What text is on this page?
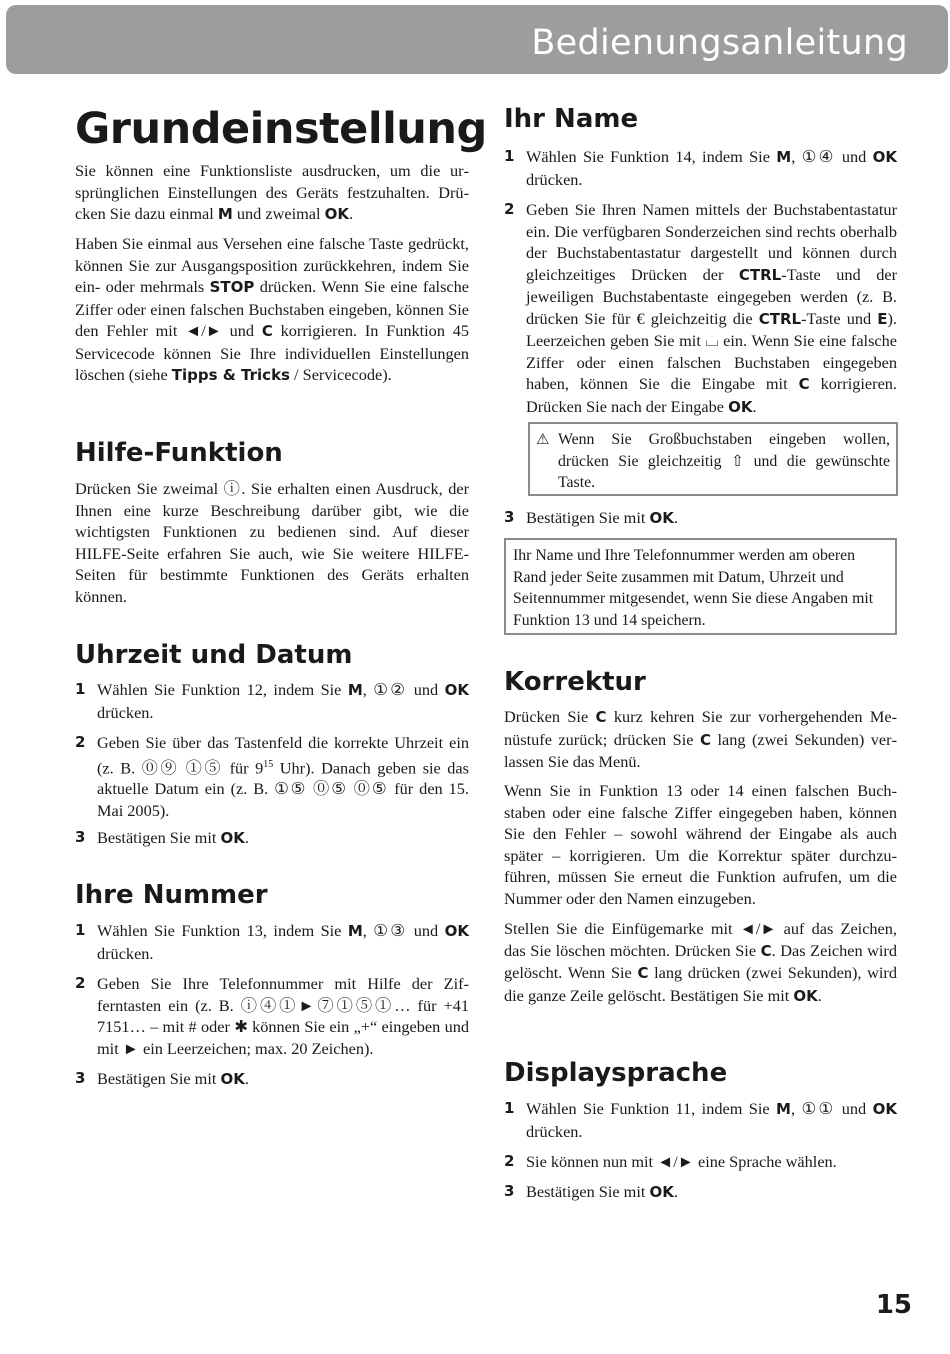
Bedienungsanleitung
Grundeinstellung

Sie können eine Funktionsliste ausdrucken, um die ursprünglichen Einstellungen des Geräts festzuhalten. Drücken Sie dazu einmal M und zweimal OK.

Haben Sie einmal aus Versehen eine falsche Taste gedrückt, können Sie zur Ausgangsposition zurückkehren, indem Sie ein- oder mehrmals STOP drücken. Wenn Sie eine falsche Ziffer oder einen falschen Buchstaben eingeben, können Sie den Fehler mit ◄/► und C korrigieren. In Funktion 45 Servicecode können Sie Ihre individuellen Einstellungen löschen (siehe Tipps & Tricks / Servicecode).

Hilfe-Funktion

Drücken Sie zweimal ⓘ. Sie erhalten einen Ausdruck, der Ihnen eine kurze Beschreibung darüber gibt, wie die wichtigsten Funktionen zu bedienen sind. Auf dieser HILFE-Seite erfahren Sie auch, wie Sie weitere HILFE-Seiten für bestimmte Funktionen des Geräts erhalten können.

Uhrzeit und Datum
1 Wählen Sie Funktion 12, indem Sie M, ①② und OK drücken.
2 Geben Sie über das Tastenfeld die korrekte Uhrzeit ein (z. B. ⓪⑨ ①⑤ für $9^{15}$ Uhr). Danach geben sie das aktuelle Datum ein (z. B. ①⑤ ⓪⑤ ⓪⑤ für den 15. Mai 2005).
3 Bestätigen Sie mit OK.
Ihre Nummer
1 Wählen Sie Funktion 13, indem Sie M, ①③ und OK drücken.
2 Geben Sie Ihre Telefonnummer mit Hilfe der Zifferntasten ein (z. B. ⓘ④①►⑦①⑤①… für +41 7151… – mit # oder ✱ können Sie ein „+“ eingeben und mit ► ein Leerzeichen; max. 20 Zeichen).
3 Bestätigen Sie mit OK.
Ihr Name
1 Wählen Sie Funktion 14, indem Sie M, ①④ und OK drücken.
2 Geben Sie Ihren Namen mittels der Buchstabentastatur ein. Die verfügbaren Sonderzeichen sind rechts oberhalb der Buchstabentastatur dargestellt und können durch gleichzeitiges Drücken der CTRL-Taste und der jeweiligen Buchstabentaste eingegeben werden (z. B. drücken Sie für € gleichzeitig die CTRL-Taste und E). Leerzeichen geben Sie mit ⌴ ein. Wenn Sie eine falsche Ziffer oder einen falschen Buchstaben eingegeben haben, können Sie die Eingabe mit C korrigieren. Drücken Sie nach der Eingabe OK.

⚠ Wenn Sie Großbuchstaben eingeben wollen, drücken Sie gleichzeitig ⇧ und die gewünschte Taste.

3 Bestätigen Sie mit OK.

Ihr Name und Ihre Telefonnummer werden am oberen Rand jeder Seite zusammen mit Datum, Uhrzeit und Seitennummer mitgesendet, wenn Sie diese Angaben mit Funktion 13 und 14 speichern.

Korrektur

Drücken Sie C kurz kehren Sie zur vorhergehenden Menüstufe zurück; drücken Sie C lang (zwei Sekunden) verlassen Sie das Menü.

Wenn Sie in Funktion 13 oder 14 einen falschen Buchstaben oder eine falsche Ziffer eingegeben haben, können Sie den Fehler – sowohl während der Eingabe als auch später – korrigieren. Um die Korrektur später durchzuführen, müssen Sie erneut die Funktion aufrufen, um die Nummer oder den Namen einzugeben.

Stellen Sie die Einfügemarke mit ◄/► auf das Zeichen, das Sie löschen möchten. Drücken Sie C. Das Zeichen wird gelöscht. Wenn Sie C lang drücken (zwei Sekunden), wird die ganze Zeile gelöscht. Bestätigen Sie mit OK.

Displaysprache
1 Wählen Sie Funktion 11, indem Sie M, ①① und OK drücken.
2 Sie können nun mit ◄/► eine Sprache wählen.
3 Bestätigen Sie mit OK.
15
